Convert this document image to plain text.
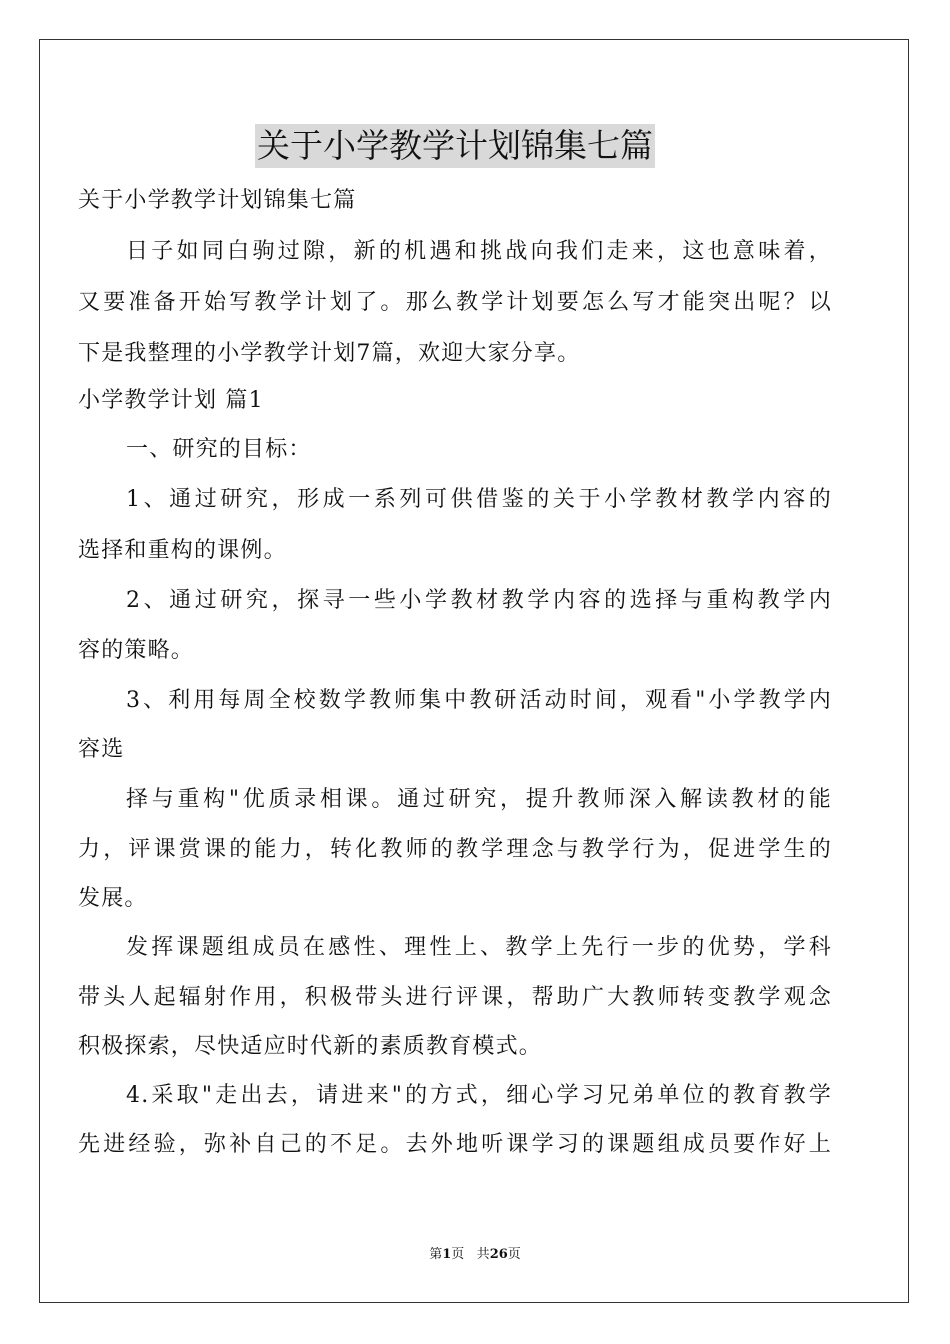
关于小学教学计划锦集七篇
关于小学教学计划锦集七篇
日子如同白驹过隙，新的机遇和挑战向我们走来，这也意味着，
又要准备开始写教学计划了。那么教学计划要怎么写才能突出呢？以
下是我整理的小学教学计划7篇，欢迎大家分享。
小学教学计划 篇1
一、研究的目标：
1、通过研究，形成一系列可供借鉴的关于小学教材教学内容的
选择和重构的课例。
2、通过研究，探寻一些小学教材教学内容的选择与重构教学内
容的策略。
3、利用每周全校数学教师集中教研活动时间，观看"小学教学内
容选
择与重构"优质录相课。通过研究，提升教师深入解读教材的能
力，评课赏课的能力，转化教师的教学理念与教学行为，促进学生的
发展。
发挥课题组成员在感性、理性上、教学上先行一步的优势，学科
带头人起辐射作用，积极带头进行评课，帮助广大教师转变教学观念
积极探索，尽快适应时代新的素质教育模式。
4.采取"走出去，请进来"的方式，细心学习兄弟单位的教育教学
先进经验，弥补自己的不足。去外地听课学习的课题组成员要作好上
第1页 共26页
